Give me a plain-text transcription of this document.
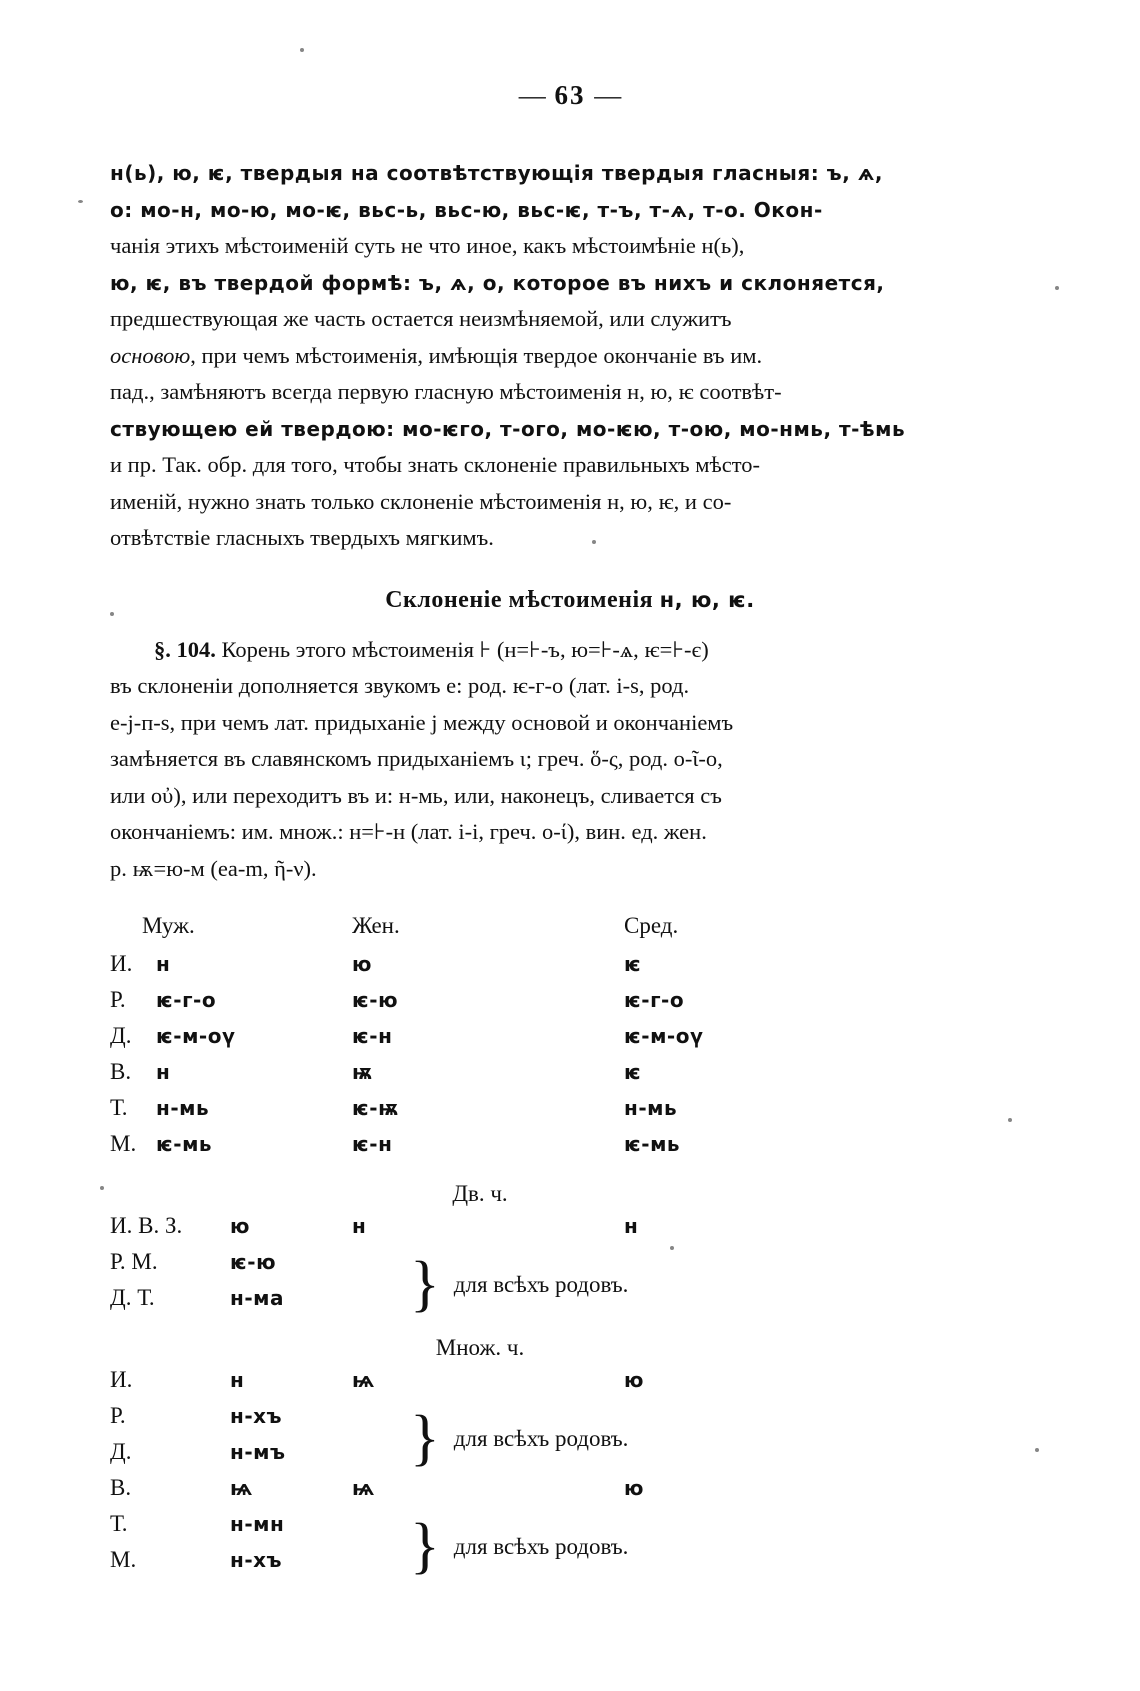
— 63 —

н(ь), ю, ѥ, твердыя на соотвѣтствующія твердыя гласныя: ъ, ѧ,

о: мо-н, мо-ю, мо-ѥ, вьс-ь, вьс-ю, вьс-ѥ, т-ъ, т-ѧ, т-о. Окон-

чанія этихъ мѣстоименій суть не что иное, какъ мѣстоимѣніе н(ь),

ю, ѥ, въ твердой формѣ: ъ, ѧ, о, которое въ нихъ и склоняется,

предшествующая же часть остается неизмѣняемой, или служитъ

основою, при чемъ мѣстоименія, имѣющія твердое окончаніе въ им.

пад., замѣняютъ всегда первую гласную мѣстоименія н, ю, ѥ соотвѣт-

ствующею ей твердою: мо-ѥго, т-ого, мо-ѥю, т-ою, мо-нмь, т-ѣмь

и пр. Так. обр. для того, чтобы знать склоненіе правильныхъ мѣсто-

именій, нужно знать только склоненіе мѣстоименія н, ю, ѥ, и со-

отвѣтствіе гласныхъ твердыхъ мягкимъ.

Склоненіе мѣстоименія н, ю, ѥ.

§. 104. Корень этого мѣстоименія ⊦ (н=⊦-ъ, ю=⊦-ѧ, ѥ=⊦-є)

въ склоненіи дополняется звукомъ e: род. ѥ-г-о (лат. i-s, род.

e-j-п-s, при чемъ лат. придыханіе j между основой и окончаніемъ

замѣняется въ славянскомъ придыханіемъ ι; греч. ὅ-ς, род. ο-ῖ-ο,

или οὐ), или переходитъ въ и: н-мь, или, наконецъ, сливается съ

окончаніемъ: им. множ.: н=⊦-н (лат. i-i, греч. ο-ί), вин. ед. жен.

р. ѭ=ю-м (ea-m, ῆ-ν).

Муж.	Жен.	Сред.
И.	н	ю	ѥ
Р.	ѥ-г-о	ѥ-ю	ѥ-г-о
Д.	ѥ-м-оү	ѥ-н	ѥ-м-оү
В.	н	ѭ	ѥ
Т.	н-мь	ѥ-ѭ	н-мь
М. ѥ-мь	ѥ-н	ѥ-мь
Дв. ч.
И. В. З.	ю	н	н
Р. М.	ѥ-ю
Д. Т.	н-ма	} для всѣхъ родовъ.
Множ. ч.
И.	н	ѩ	ю
Р.	н-хъ
Д.	н-мъ
В.	ѩ	ѩ	ю
Т.	н-мн
М.	н-хъ
} для всѣхъ родовъ.
} для всѣхъ родовъ.
